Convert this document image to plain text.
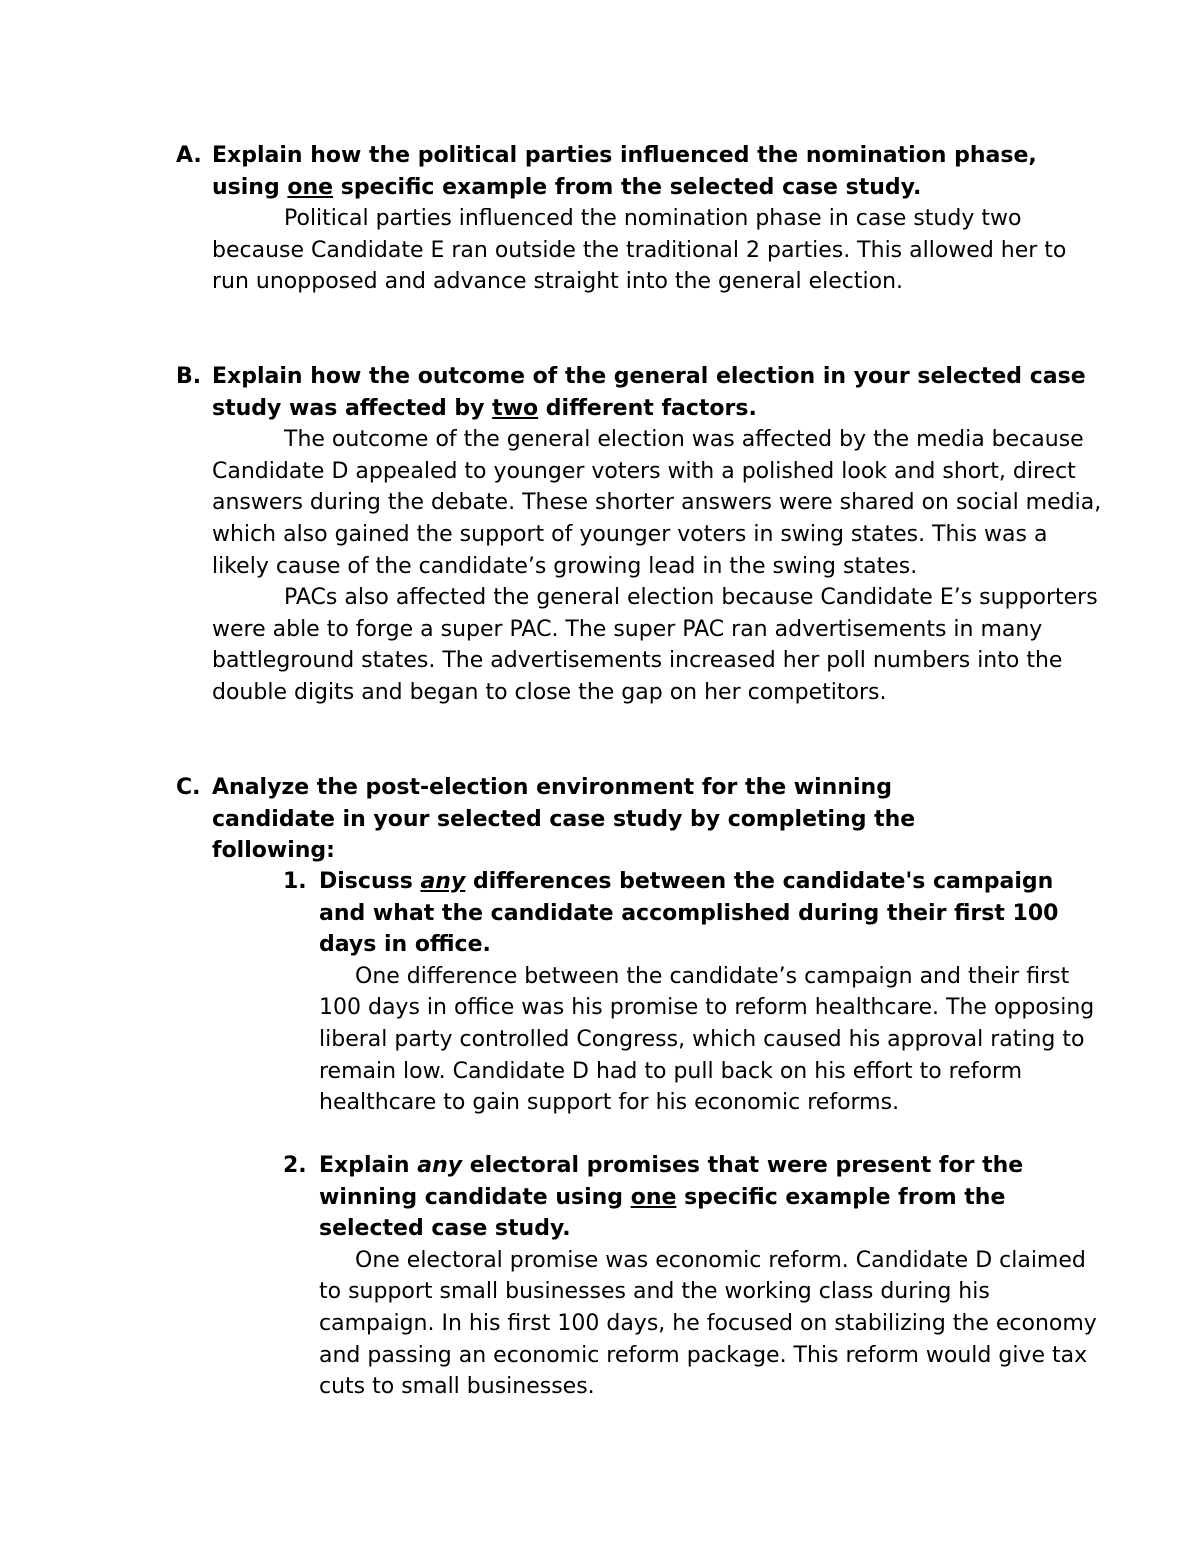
A. Explain how the political parties influenced the nomination phase, using one specific example from the selected case study.

Political parties influenced the nomination phase in case study two because Candidate E ran outside the traditional 2 parties. This allowed her to run unopposed and advance straight into the general election.

B. Explain how the outcome of the general election in your selected case study was affected by two different factors.

The outcome of the general election was affected by the media because Candidate D appealed to younger voters with a polished look and short, direct answers during the debate. These shorter answers were shared on social media, which also gained the support of younger voters in swing states. This was a likely cause of the candidate’s growing lead in the swing states.

PACs also affected the general election because Candidate E’s supporters were able to forge a super PAC. The super PAC ran advertisements in many battleground states. The advertisements increased her poll numbers into the double digits and began to close the gap on her competitors.

C. Analyze the post-election environment for the winning candidate in your selected case study by completing the following:

1. Discuss any differences between the candidate's campaign and what the candidate accomplished during their first 100 days in office.

One difference between the candidate’s campaign and their first 100 days in office was his promise to reform healthcare. The opposing liberal party controlled Congress, which caused his approval rating to remain low. Candidate D had to pull back on his effort to reform healthcare to gain support for his economic reforms.

2. Explain any electoral promises that were present for the winning candidate using one specific example from the selected case study.

One electoral promise was economic reform. Candidate D claimed to support small businesses and the working class during his campaign. In his first 100 days, he focused on stabilizing the economy and passing an economic reform package. This reform would give tax cuts to small businesses.
